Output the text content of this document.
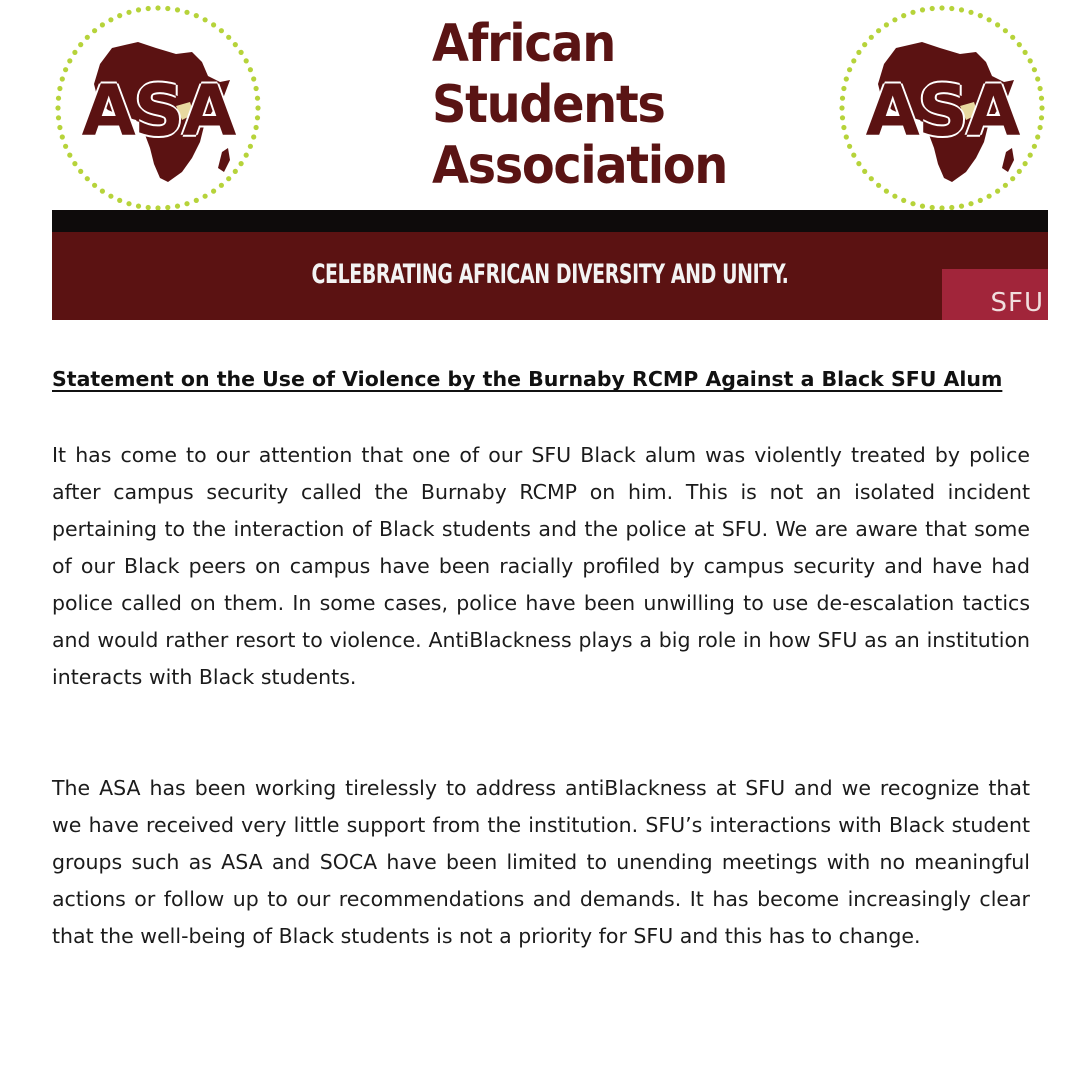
ASA
African
Students
Association
ASA
CELEBRATING AFRICAN DIVERSITY AND UNITY.
SFU
Statement on the Use of Violence by the Burnaby RCMP Against a Black SFU Alum

It has come to our attention that one of our SFU Black alum was violently treated by police after campus security called the Burnaby RCMP on him. This is not an isolated incident pertaining to the interaction of Black students and the police at SFU. We are aware that some of our Black peers on campus have been racially profiled by campus security and have had police called on them. In some cases, police have been unwilling to use de-escalation tactics and would rather resort to violence. AntiBlackness plays a big role in how SFU as an institution interacts with Black students.

The ASA has been working tirelessly to address antiBlackness at SFU and we recognize that we have received very little support from the institution. SFU’s interactions with Black student groups such as ASA and SOCA have been limited to unending meetings with no meaningful actions or follow up to our recommendations and demands. It has become increasingly clear that the well-being of Black students is not a priority for SFU and this has to change.
